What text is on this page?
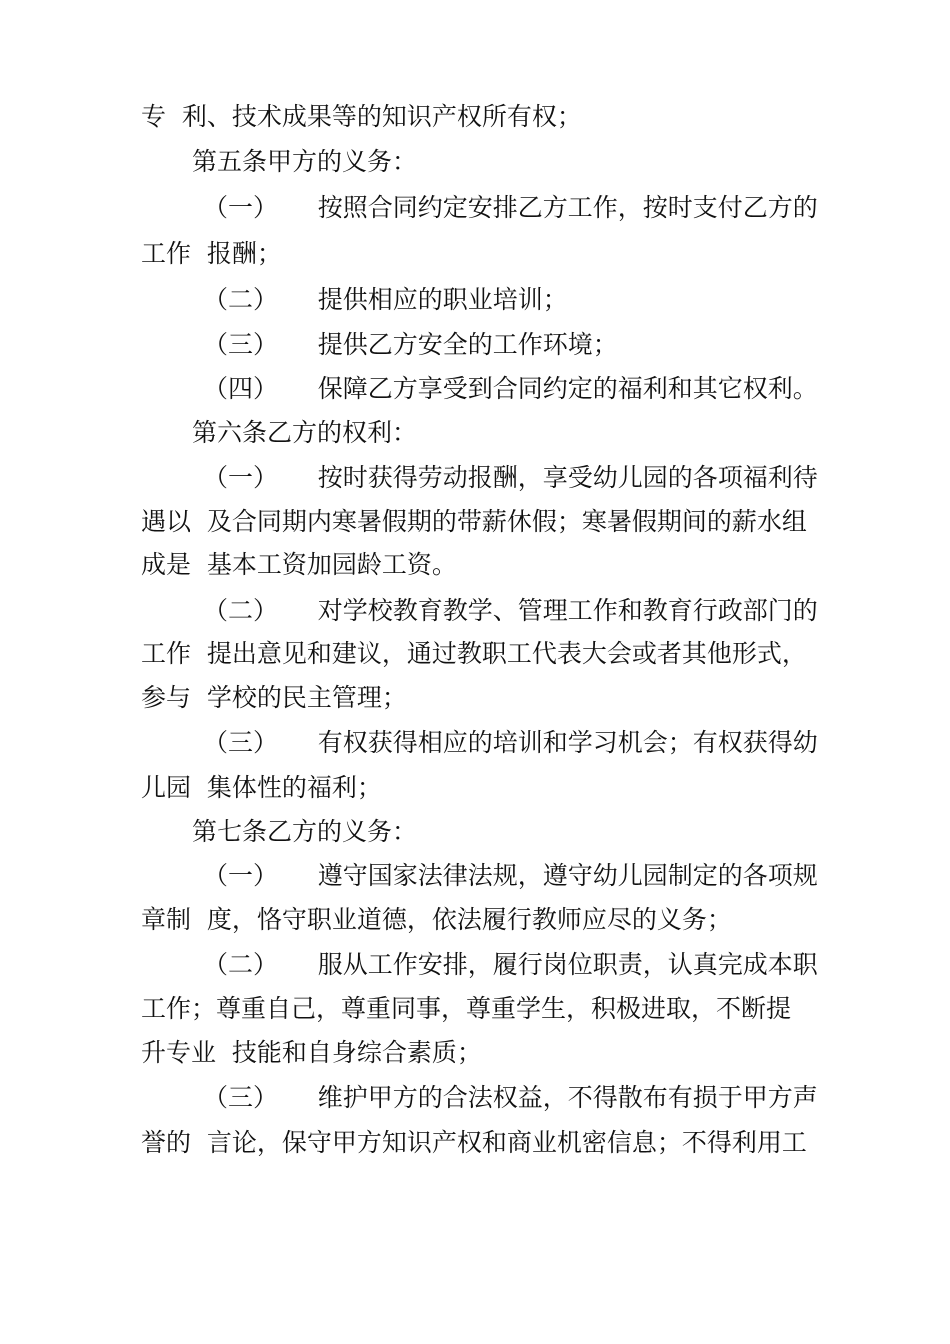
专  利、技术成果等的知识产权所有权；
第五条甲方的义务：
（一）     按照合同约定安排乙方工作，按时支付乙方的
工作  报酬；
（二）     提供相应的职业培训；
（三）     提供乙方安全的工作环境；
（四）     保障乙方享受到合同约定的福利和其它权利。
第六条乙方的权利：
（一）     按时获得劳动报酬，享受幼儿园的各项福利待
遇以  及合同期内寒暑假期的带薪休假；寒暑假期间的薪水组
成是  基本工资加园龄工资。
（二）     对学校教育教学、管理工作和教育行政部门的
工作  提出意见和建议，通过教职工代表大会或者其他形式，
参与  学校的民主管理；
（三）     有权获得相应的培训和学习机会；有权获得幼
儿园  集体性的福利；
第七条乙方的义务：
（一）     遵守国家法律法规，遵守幼儿园制定的各项规
章制  度，恪守职业道德，依法履行教师应尽的义务；
（二）     服从工作安排，履行岗位职责，认真完成本职
工作；尊重自己，尊重同事，尊重学生，积极进取，不断提
升专业  技能和自身综合素质；
（三）     维护甲方的合法权益，不得散布有损于甲方声
誉的  言论，保守甲方知识产权和商业机密信息；不得利用工
